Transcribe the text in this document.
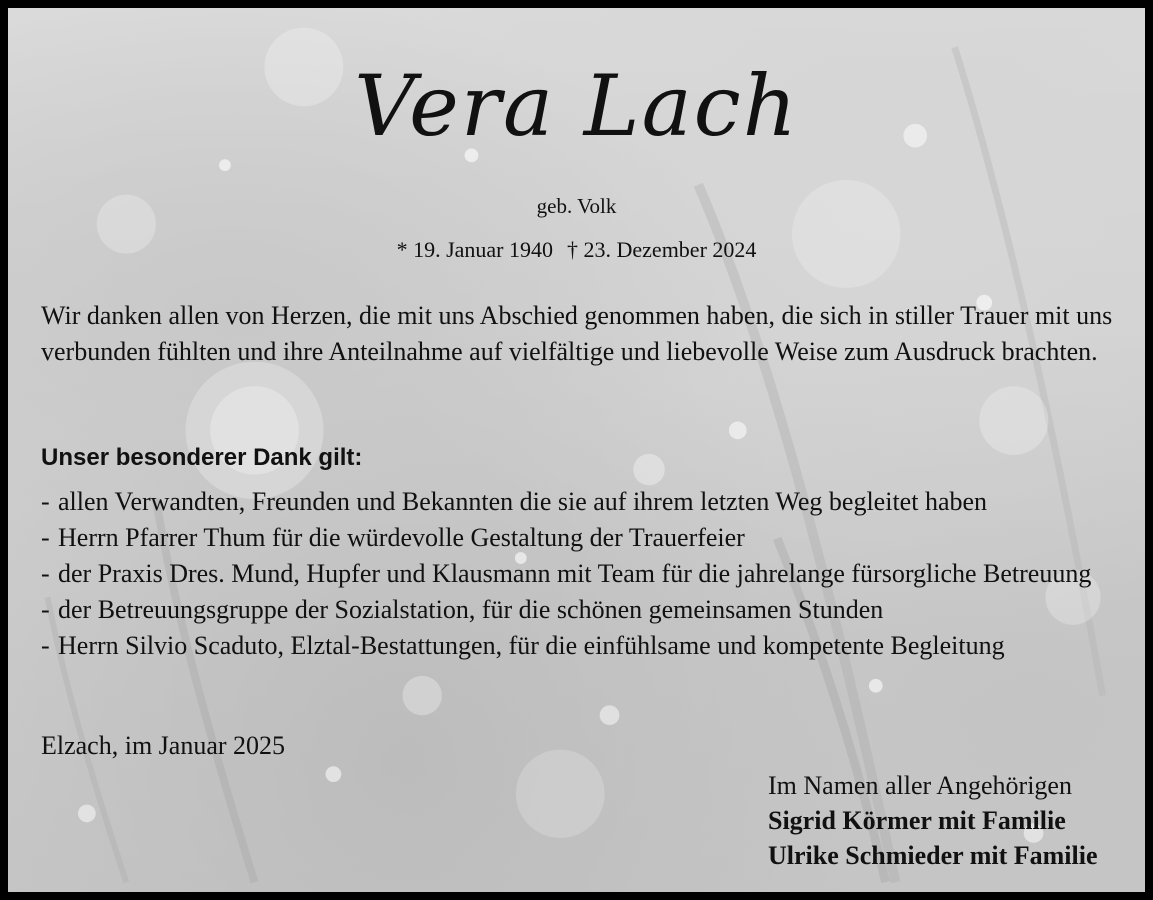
Vera Lach
geb. Volk
* 19. Januar 1940 † 23. Dezember 2024
Wir danken allen von Herzen, die mit uns Abschied genommen haben, die sich in stiller Trauer mit uns verbunden fühlten und ihre Anteilnahme auf vielfältige und liebevolle Weise zum Ausdruck brachten.
Unser besonderer Dank gilt:
- allen Verwandten, Freunden und Bekannten die sie auf ihrem letzten Weg begleitet haben
- Herrn Pfarrer Thum für die würdevolle Gestaltung der Trauerfeier
- der Praxis Dres. Mund, Hupfer und Klausmann mit Team für die jahrelange fürsorgliche Betreuung
- der Betreuungsgruppe der Sozialstation, für die schönen gemeinsamen Stunden
- Herrn Silvio Scaduto, Elztal-Bestattungen, für die einfühlsame und kompetente Begleitung
Elzach, im Januar 2025
Im Namen aller Angehörigen
Sigrid Körmer mit Familie
Ulrike Schmieder mit Familie
